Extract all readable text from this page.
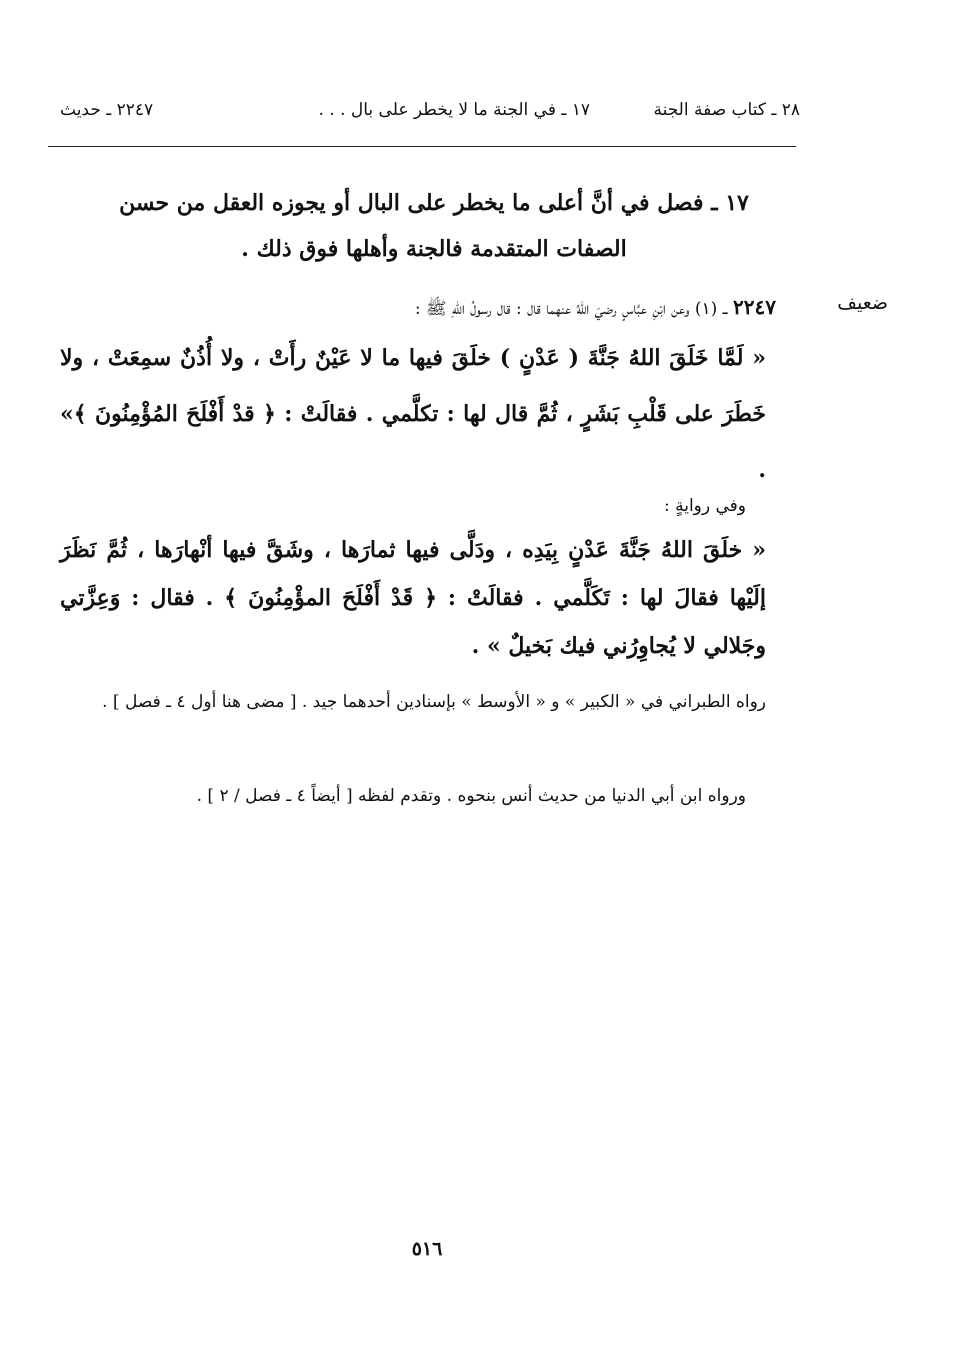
٢٨ ـ كتاب صفة الجنة
١٧ ـ في الجنة ما لا يخطر على بال . . .
٢٢٤٧ ـ حديث
١٧ ـ فصل في أنَّ أعلى ما يخطر على البال أو يجوزه العقل من حسن الصفات المتقدمة فالجنة وأهلها فوق ذلك .
ضعيف
٢٢٤٧ ـ (١) وعن ابْنِ عبَّاسٍ رضيَ اللهُ عنهما قال : قال رسولُ اللهِ ﷺ :
« لَمَّا خَلَقَ اللهُ جَنَّةَ ( عَدْنٍ ) خلَقَ فيها ما لا عَيْنٌ رأَتْ ، ولا أُذُنٌ سمِعَتْ ، ولا خَطَرَ على قَلْبِ بَشَرٍ ، ثُمَّ قال لها : تكلَّمي . فقالَتْ : ﴿ قدْ أَفْلَحَ المُؤْمِنُونَ ﴾» .
وفي روايةٍ :
« خلَقَ اللهُ جَنَّةَ عَدْنٍ بِيَدِه ، ودَلَّى فيها ثمارَها ، وشَقَّ فيها أنْهارَها ، ثُمَّ نَظَرَ إلَيْها فقالَ لها : تَكَلَّمي . فقالَتْ : ﴿ قَدْ أَفْلَحَ المؤْمِنُونَ ﴾ . فقال : وَعِزَّتي وجَلالي لا يُجاوِرُني فيك بَخيلٌ » .
رواه الطبراني في « الكبير » و « الأوسط » بإسنادين أحدهما جيد . [ مضى هنا أول ٤ ـ فصل ] .
ورواه ابن أبي الدنيا من حديث أنس بنحوه . وتقدم لفظه [ أيضاً ٤ ـ فصل / ٢ ] .
٥١٦
